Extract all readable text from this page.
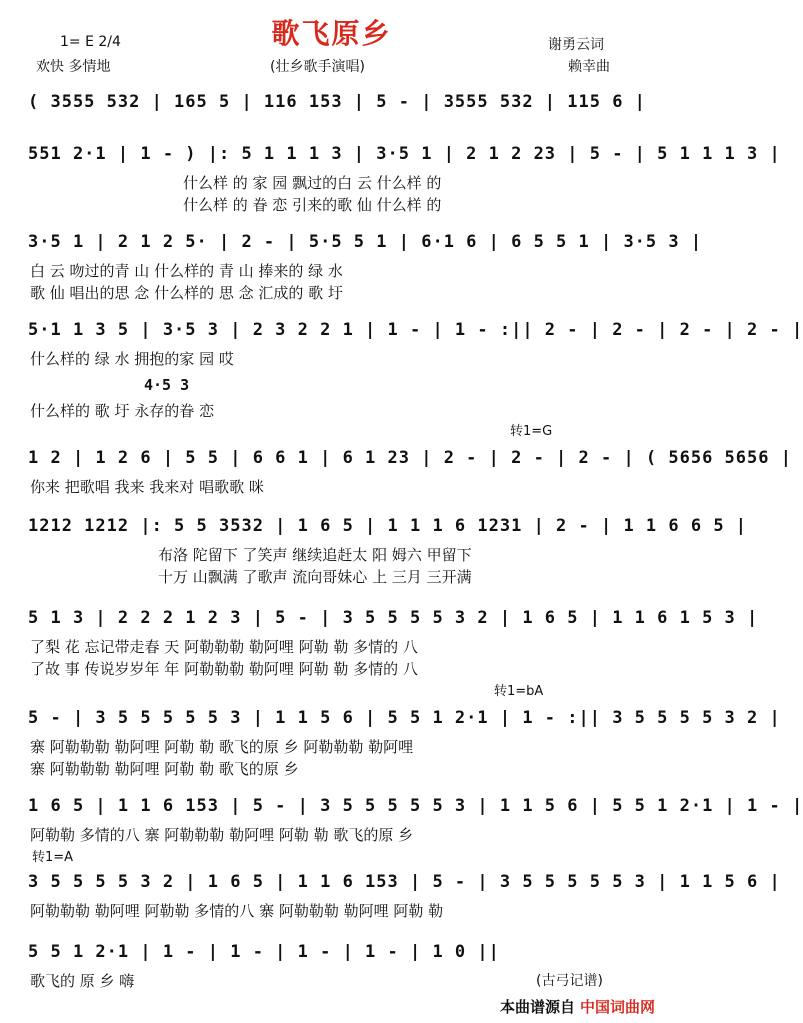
歌飞原乡
1= E 2/4
欢快 多情地	(壮乡歌手演唱)
谢勇云词
赖幸曲
( 3555 532 | 165 5 | 116 153 | 5 - | 3555 532 | 115 6 |
551 2·1 | 1 - ) |: 5 1 1 1 3 | 3·5 1 | 2 1 2 23 | 5 - | 5 1 1 1 3 |
什么样 的 家 园 飘过的白 云 什么样 的
什么样 的 眷 恋 引来的歌 仙 什么样 的
3·5 1 | 2 1 2 5· | 2 - | 5·5 5 1 | 6·1 6 | 6 5 5 1 | 3·5 3 |
白 云 吻过的青 山 什么样的 青 山 捧来的 绿 水
歌 仙 唱出的思 念 什么样的 思 念 汇成的 歌 圩
5·1 1 3 5 | 3·5 3 | 2 3 2 2 1 | 1 - | 1 - :|| 2 - | 2 - | 2 - | 2 - |
什么样的 绿 水 拥抱的家 园 哎
4·5 3
什么样的 歌 圩 永存的眷 恋
转1=G
1 2 | 1 2 6 | 5 5 | 6 6 1 | 6 1 23 | 2 - | 2 - | 2 - | ( 5656 5656 |
你来 把歌唱 我来 我来对 唱歌歌 咪
1212 1212 |: 5 5 3532 | 1 6 5 | 1 1 1 6 1231 | 2 - | 1 1 6 6 5 |
布洛 陀留下 了笑声 继续追赶太 阳 姆六 甲留下
十万 山飘满 了歌声 流向哥妹心 上 三月 三开满
5 1 3 | 2 2 2 1 2 3 | 5 - | 3 5 5 5 5 3 2 | 1 6 5 | 1 1 6 1 5 3 |
了梨 花 忘记带走春 天 阿勒勒勒 勒阿哩 阿勒 勒 多情的 八
了故 事 传说岁岁年 年 阿勒勒勒 勒阿哩 阿勒 勒 多情的 八
转1=bA
5 - | 3 5 5 5 5 5 3 | 1 1 5 6 | 5 5 1 2·1 | 1 - :|| 3 5 5 5 5 3 2 |
寨 阿勒勒勒 勒阿哩 阿勒 勒 歌飞的原 乡 阿勒勒勒 勒阿哩
寨 阿勒勒勒 勒阿哩 阿勒 勒 歌飞的原 乡
1 6 5 | 1 1 6 153 | 5 - | 3 5 5 5 5 5 3 | 1 1 5 6 | 5 5 1 2·1 | 1 - |
阿勒勒 多情的八 寨 阿勒勒勒 勒阿哩 阿勒 勒 歌飞的原 乡
转1=A
3 5 5 5 5 3 2 | 1 6 5 | 1 1 6 153 | 5 - | 3 5 5 5 5 5 3 | 1 1 5 6 |
阿勒勒勒 勒阿哩 阿勒勒 多情的八 寨 阿勒勒勒 勒阿哩 阿勒 勒
5 5 1 2·1 | 1 - | 1 - | 1 - | 1 - | 1 0 ||
歌飞的 原 乡 嗨	(古弓记谱)
本曲谱源自 中国词曲网
